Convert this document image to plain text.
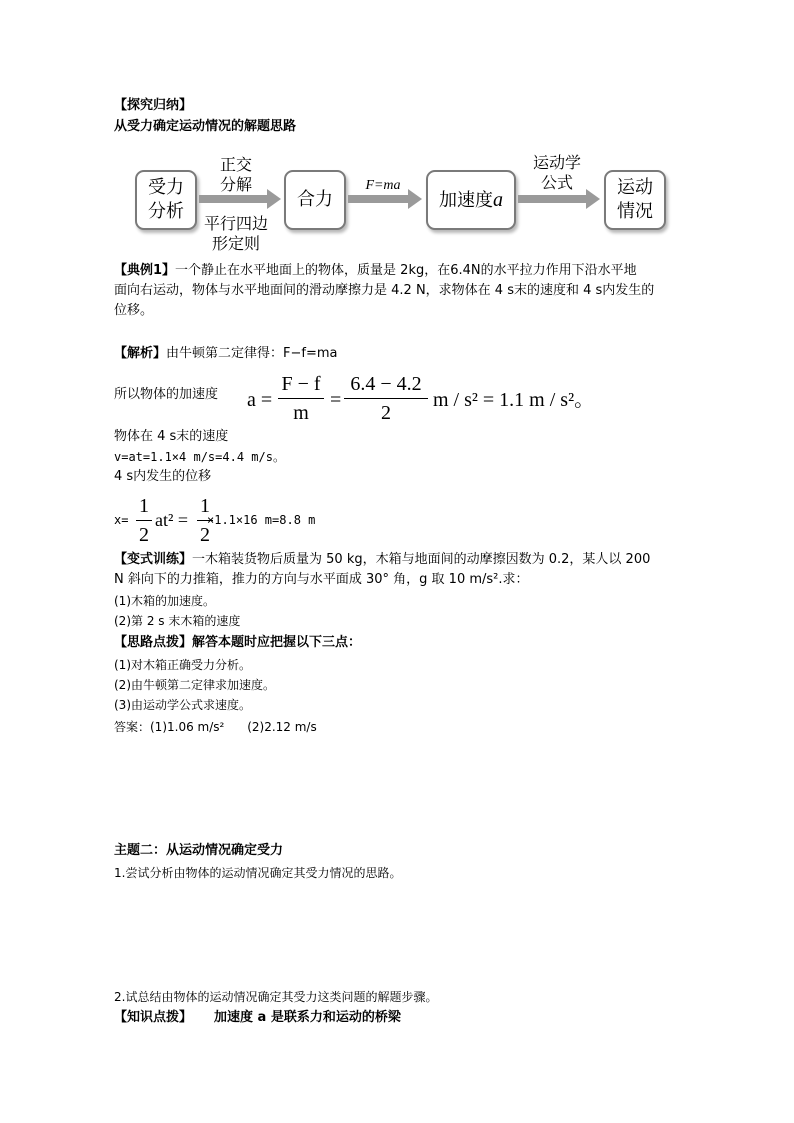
【探究归纳】
从受力确定运动情况的解题思路
受力
分析
正交
分解
平行四边
形定则
合力
F=ma
加速度a
运动学
公式	运动
情况
【典例1】一个静止在水平地面上的物体，质量是 2kg，在6.4N的水平拉力作用下沿水平地
面向右运动，物体与水平地面间的滑动摩擦力是 4.2 N，求物体在 4 s末的速度和 4 s内发生的
位移。
【解析】由牛顿第二定律得：F−f=ma
所以物体的加速度 a =
F − f
m
=
6.4 − 4.2
2
m / s² = 1.1 m / s²。
物体在 4 s末的速度
v=at=1.1×4 m/s=4.4 m/s。
4 s内发生的位移
x=
1
2
at² =
1
2
×1.1×16 m=8.8 m
【变式训练】一木箱装货物后质量为 50 kg，木箱与地面间的动摩擦因数为 0.2，某人以 200
N 斜向下的力推箱，推力的方向与水平面成 30° 角，g 取 10 m/s².求：
(1)木箱的加速度。
(2)第 2 s 末木箱的速度
【思路点拨】解答本题时应把握以下三点：
(1)对木箱正确受力分析。
(2)由牛顿第二定律求加速度。
(3)由运动学公式求速度。
答案：(1)1.06 m/s²      (2)2.12 m/s
主题二：从运动情况确定受力
1.尝试分析由物体的运动情况确定其受力情况的思路。
2.试总结由物体的运动情况确定其受力这类问题的解题步骤。
【知识点拨】 加速度 a 是联系力和运动的桥梁
